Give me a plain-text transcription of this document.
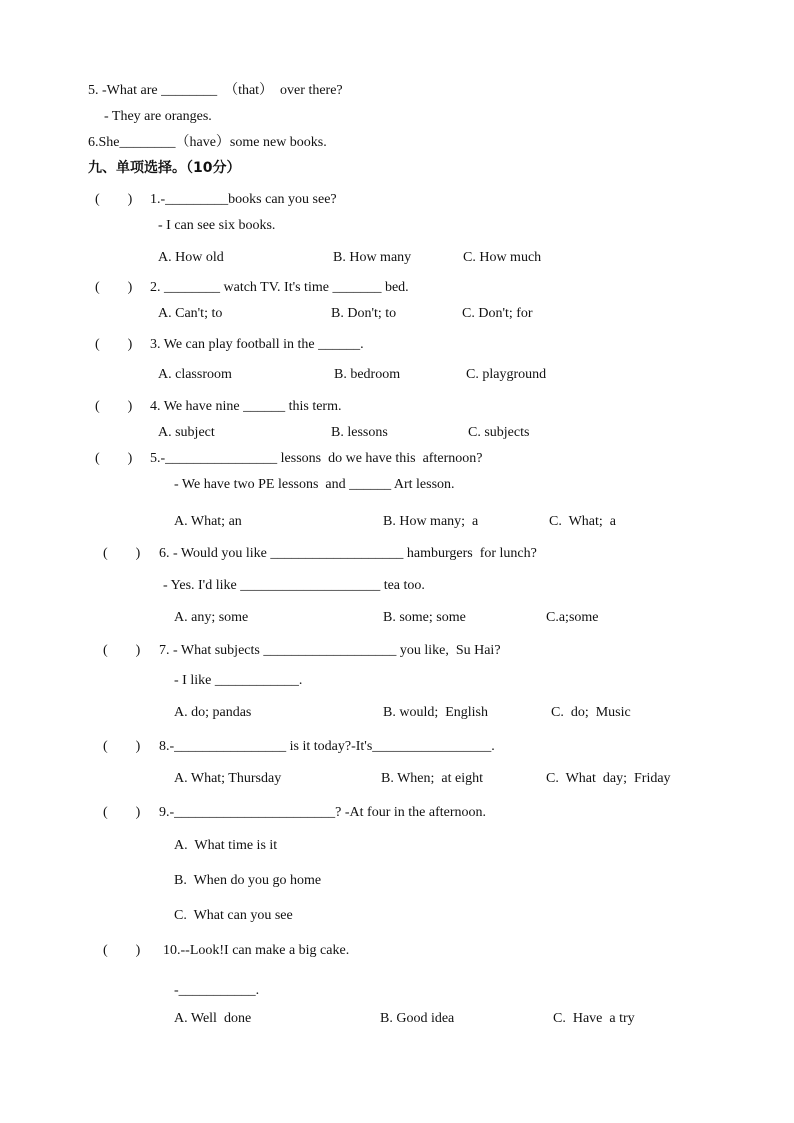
5. -What are ________  （that）  over there?
- They are oranges.
6.She________（have）some new books.
九、单项选择。（10分）
(        ) 1.-_________books can you see?
- I can see six books.
A. How old	B. How many	C. How much
(        ) 2. ________ watch TV. It's time _______ bed.
A. Can't; to	B. Don't; to	C. Don't; for
(        ) 3. We can play football in the ______.
A. classroom	B. bedroom	C. playground
(        ) 4. We have nine ______ this term.
A. subject	B. lessons	C. subjects
(        ) 5.-________________ lessons  do we have this  afternoon?
- We have two PE lessons  and ______ Art lesson.
A. What; an	B. How many;  a	C.  What;  a
(        ) 6. - Would you like ___________________ hamburgers  for lunch?
- Yes. I'd like ____________________ tea too.
A. any; some	B. some; some	C.a;some
(        ) 7. - What subjects ___________________ you like,  Su Hai?
- I like ____________.
A. do; pandas	B. would;  English	C.  do;  Music
(        ) 8.-________________ is it today?-It's_________________.
A. What; Thursday	B. When;  at eight	C.  What  day;  Friday
(        ) 9.-_______________________? -At four in the afternoon.
A.  What time is it
B.  When do you go home
C.  What can you see
(        ) 10.--Look!I can make a big cake.
-___________.
A. Well  done	B. Good idea	C.  Have  a try
